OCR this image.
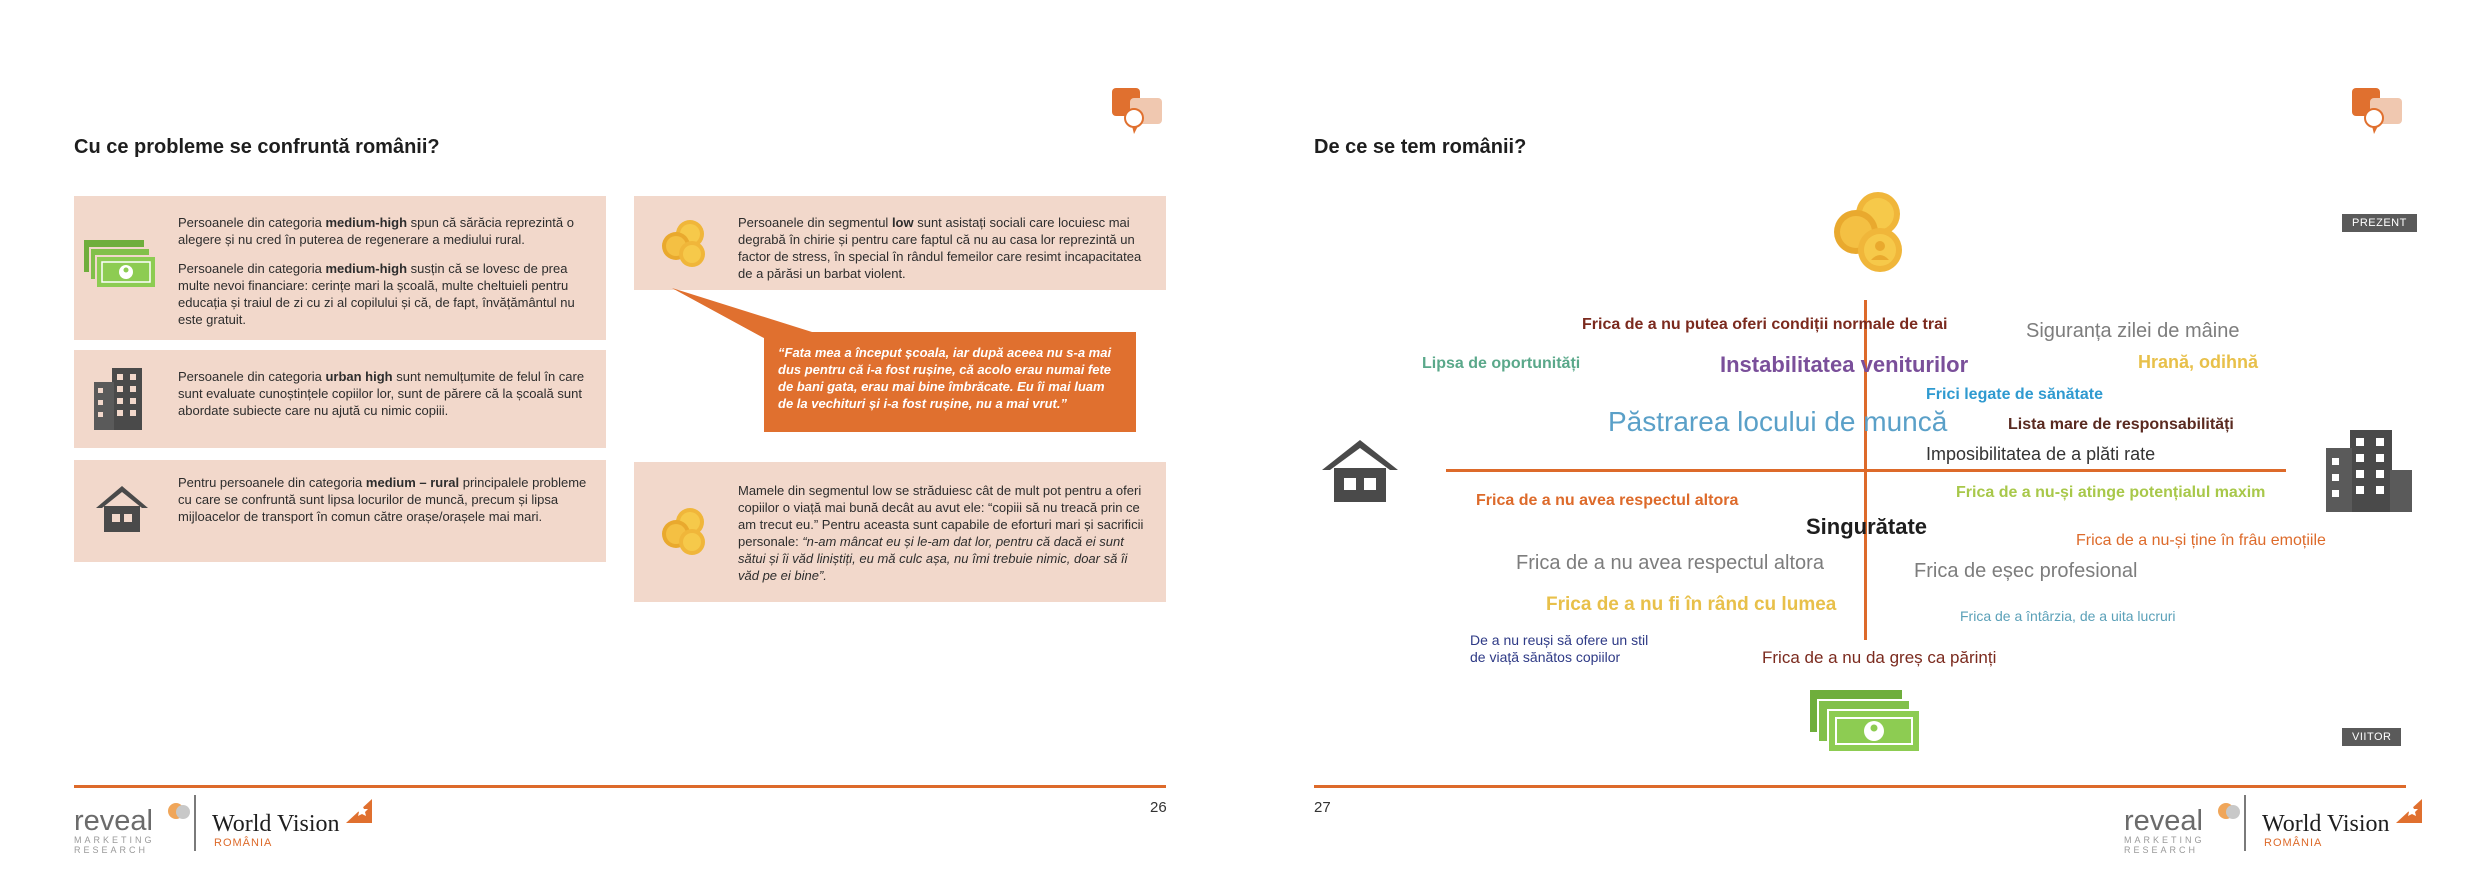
Cu ce probleme se confruntă românii?

Persoanele din categoria medium-high spun că sărăcia reprezintă o alegere și nu cred în puterea de regenerare a mediului rural.

Persoanele din categoria medium-high susțin că se lovesc de prea multe nevoi financiare: cerințe mari la școală, multe cheltuieli pentru educația și traiul de zi cu zi al copilului și că, de fapt, învățământul nu este gratuit.

Persoanele din categoria urban high sunt nemulțumite de felul în care sunt evaluate cunoștințele copiilor lor, sunt de părere că la școală sunt abordate subiecte care nu ajută cu nimic copiii.
Pentru persoanele din categoria medium – rural principalele probleme cu care se confruntă sunt lipsa locurilor de muncă, precum și lipsa mijloacelor de transport în comun către orașe/orașele mai mari.
Persoanele din segmentul low sunt asistați sociali care locuiesc mai degrabă în chirie și pentru care faptul că nu au casa lor reprezintă un factor de stress, în special în rândul femeilor care resimt incapacitatea de a părăsi un barbat violent.
“Fata mea a început școala, iar după aceea nu s-a mai dus pentru că i-a fost rușine, că acolo erau numai fete de bani gata, erau mai bine îmbrăcate. Eu îi mai luam de la vechituri și i-a fost rușine, nu a mai vrut.”
Mamele din segmentul low se străduiesc cât de mult pot pentru a oferi copiilor o viață mai bună decât au avut ele: “copiii să nu treacă prin ce am trecut eu.” Pentru aceasta sunt capabile de eforturi mari și sacrificii personale: “n-am mâncat eu și le-am dat lor, pentru că dacă ei sunt sătui și îi văd liniștiți, eu mă culc așa, nu îmi trebuie nimic, doar să îi văd pe ei bine”.
26
reveal
MARKETING
RESEARCH
World Vision
ROMÂNIA
De ce se tem românii?
PREZENT
VIITOR
Frica de a nu putea oferi condiții normale de trai	Siguranța zilei de mâine
Lipsa de oportunități	Instabilitatea veniturilor	Hrană, odihnă
Frici legate de sănătate
Păstrarea locului de muncă	Lista mare de responsabilități
Imposibilitatea de a plăti rate
Frica de a nu avea respectul altora	Frica de a nu-și atinge potențialul maxim
Singurătate
Frica de a nu-și ține în frâu emoțiile
Frica de a nu avea respectul altora	Frica de eșec profesional
Frica de a nu fi în rând cu lumea
Frica de a întârzia, de a uita lucruri
De a nu reuși să ofere un stil
de viață sănătos copiilor	Frica de a nu da greș ca părinți
27	reveal
MARKETING
RESEARCH
World Vision
ROMÂNIA
